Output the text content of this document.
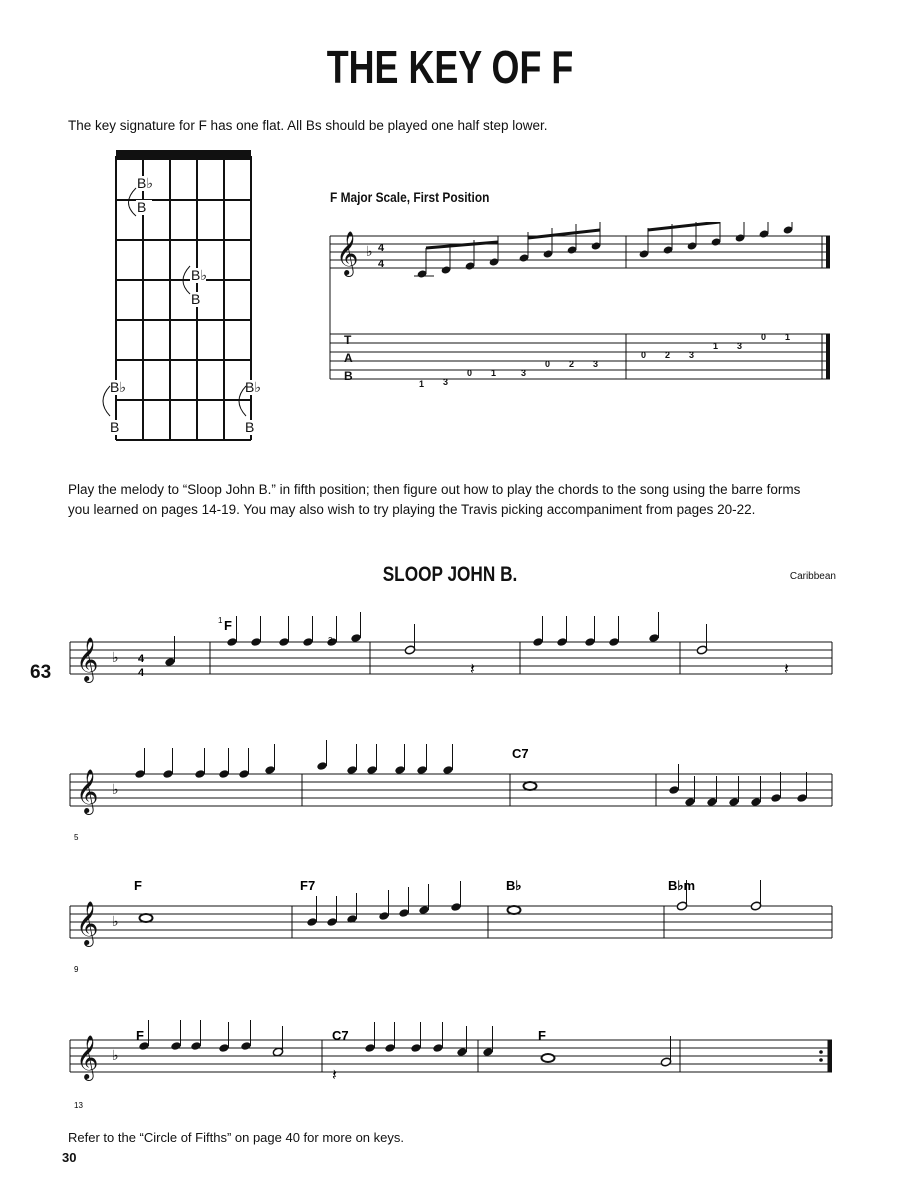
THE KEY OF F
The key signature for F has one flat. All Bs should be played one half step lower.
B♭
B
B♭
B
B♭
B
B♭
B
F Major Scale, First Position
𝄞 ♭ 4
4
T
A
B
1 3
0 1	3
0 2 3
0 2 3
1 3
0 1
Play the melody to “Sloop John B.” in fifth position; then figure out how to play the chords to the song using the barre forms
you learned on pages 14-19. You may also wish to try playing the Travis picking accompaniment from pages 20-22.
SLOOP JOHN B.	Caribbean
63 𝄞 ♭
𝄞 ♭
𝄞 ♭
𝄞 ♭
𝄽	𝄽
𝄽
F
1
2
C7
F	F7	B♭	B♭m
F	C7	F
5
9
13
4
4
Refer to the “Circle of Fifths” on page 40 for more on keys.
30
